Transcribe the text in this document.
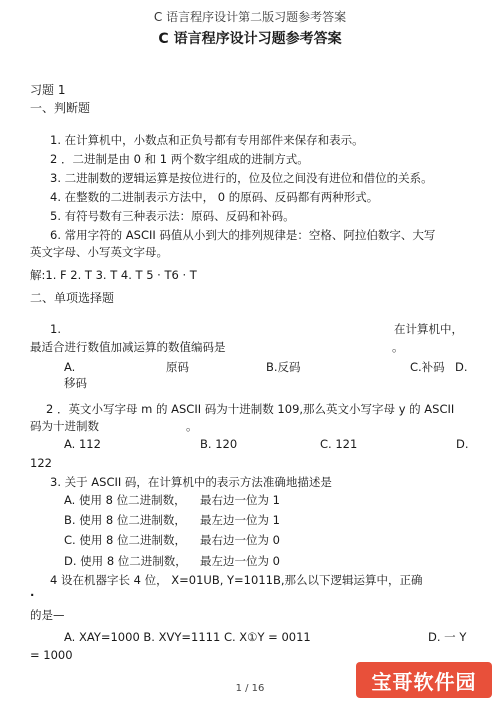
C 语言程序设计第二版习题参考答案
C 语言程序设计习题参考答案
习题 1
一、判断题
1. 在计算机中，小数点和正负号都有专用部件来保存和表示。
2 ．二进制是由 0 和 1 两个数字组成的进制方式。
3. 二进制数的逻辑运算是按位进行的，位及位之间没有进位和借位的关系。
4. 在整数的二进制表示方法中， 0 的原码、反码都有两种形式。
5. 有符号数有三种表示法：原码、反码和补码。
6. 常用字符的 ASCII 码值从小到大的排列规律是：空格、阿拉伯数字、大写
英文字母、小写英文字母。
解:1. F 2. T 3. T 4. T 5 · T6 · T
二、单项选择题
1.	在计算机中，
最适合进行数值加减运算的数值编码是	。
A.	原码	B.反码	C.补码 D.
移码
2 ．英文小写字母 m 的 ASCII 码为十进制数 109,那么英文小写字母 y 的 ASCII
码为十进制数	。
A. 112	B. 120	C. 121	D.
122
3. 关于 ASCII 码，在计算机中的表示方法准确地描述是
A. 使用 8 位二进制数， 最右边一位为 1
B. 使用 8 位二进制数， 最左边一位为 1
C. 使用 8 位二进制数， 最右边一位为 0
D. 使用 8 位二进制数， 最左边一位为 0
4 设在机器字长 4 位， X=01UB, Y=1011B,那么以下逻辑运算中，正确
·
的是—
A. XAY=1000 B. XVY=1111 C. X①Y = 0011	D. 一 Y
= 1000
1 / 16	宝哥软件园
